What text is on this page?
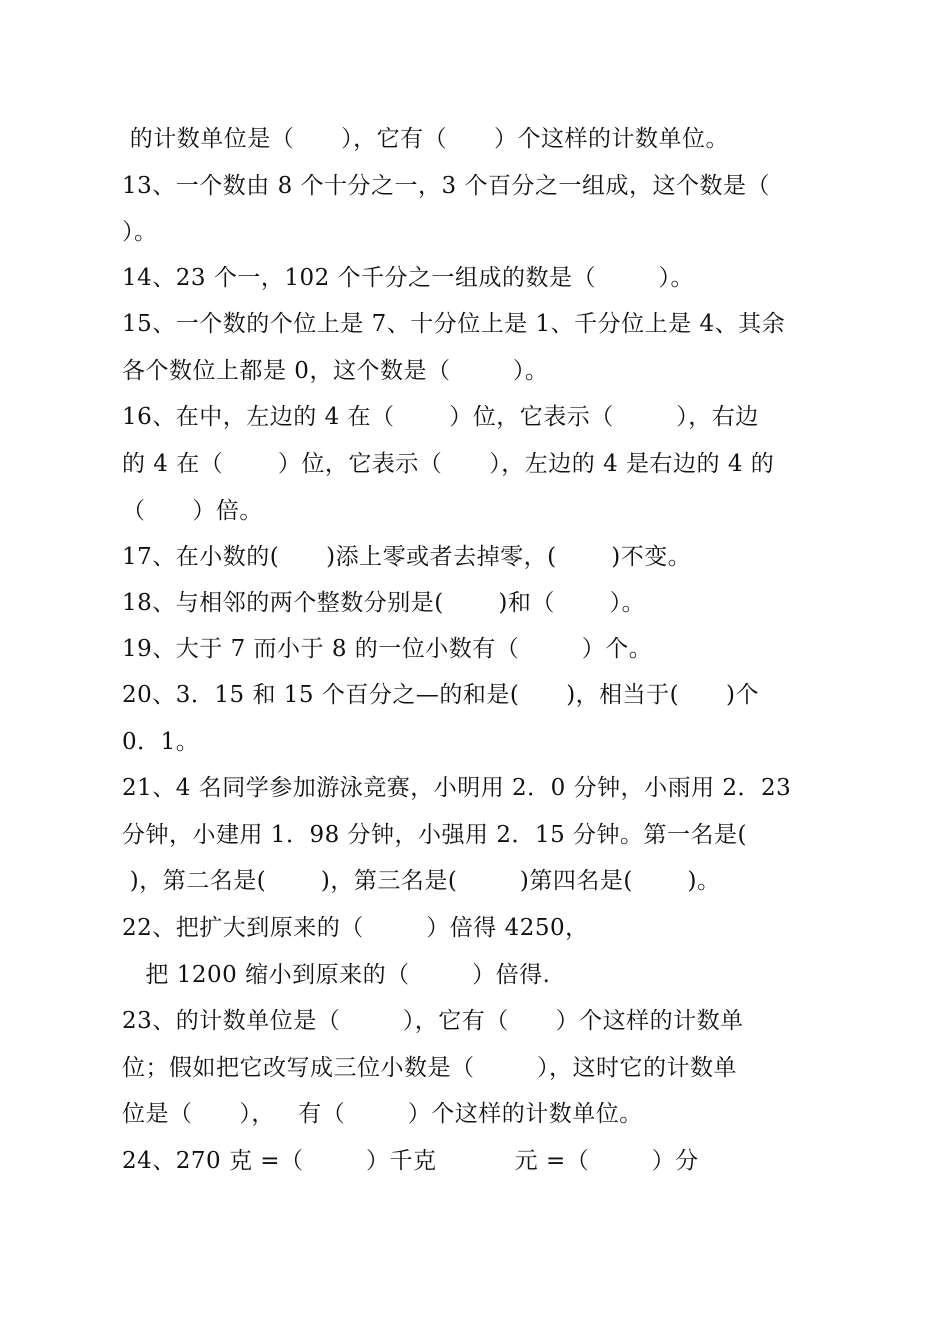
的计数单位是（      ），它有（      ）个这样的计数单位。
13、一个数由 8 个十分之一，3 个百分之一组成，这个数是（
）。
14、23 个一，102 个千分之一组成的数是（        ）。
15、一个数的个位上是 7、十分位上是 1、千分位上是 4、其余
各个数位上都是 0，这个数是（        ）。
16、在中，左边的 4 在（       ）位，它表示（        ），右边
的 4 在（       ）位，它表示（      ），左边的 4 是右边的 4 的
（      ）倍。
17、在小数的(      )添上零或者去掉零，(       )不变。
18、与相邻的两个整数分别是(       )和（       ）。
19、大于 7 而小于 8 的一位小数有（        ）个。
20、3．15 和 15 个百分之—的和是(      )，相当于(      )个
0．1。
21、4 名同学参加游泳竞赛，小明用 2．0 分钟，小雨用 2．23
分钟，小建用 1．98 分钟，小强用 2．15 分钟。第一名是(
)，第二名是(       )，第三名是(        )第四名是(       )。
22、把扩大到原来的（        ）倍得 4250，
把 1200 缩小到原来的（        ）倍得.
23、的计数单位是（        ），它有（      ）个这样的计数单
位；假如把它改写成三位小数是（        ），这时它的计数单
位是（      ），   有（        ）个这样的计数单位。
24、270 克 =（        ）千克          元 =（        ）分
